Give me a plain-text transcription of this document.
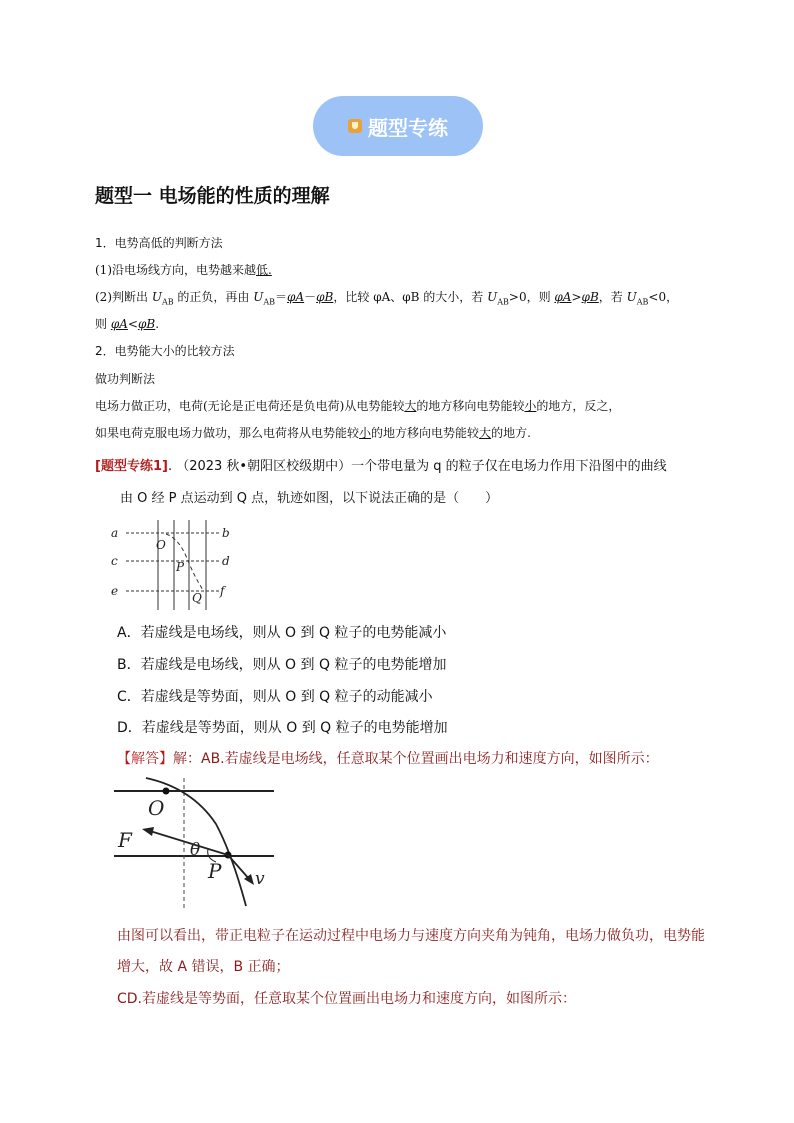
题型专练
题型一 电场能的性质的理解
1．电势高低的判断方法
(1)沿电场线方向，电势越来越低.
(2)判断出 $U_{AB}$ 的正负，再由 $U_{AB}=\varphi A-\varphi B$，比较 φA、φB 的大小，若 $U_{AB}>0$，则 φA>φB，若 $U_{AB}<0$，
则 φA<φB.
2．电势能大小的比较方法
做功判断法
电场力做正功，电荷(无论是正电荷还是负电荷)从电势能较大的地方移向电势能较小的地方，反之，
如果电荷克服电场力做功，那么电荷将从电势能较小的地方移向电势能较大的地方.
[题型专练1]. （2023 秋•朝阳区校级期中）一个带电量为 q 的粒子仅在电场力作用下沿图中的曲线
由 O 经 P 点运动到 Q 点，轨迹如图，以下说法正确的是（　　）
a	b
c	d
e	f
O
P
Q
A．若虚线是电场线，则从 O 到 Q 粒子的电势能减小
B．若虚线是电场线，则从 O 到 Q 粒子的电势能增加
C．若虚线是等势面，则从 O 到 Q 粒子的动能减小
D．若虚线是等势面，则从 O 到 Q 粒子的电势能增加
【解答】解：AB.若虚线是电场线，任意取某个位置画出电场力和速度方向，如图所示：
O
F	θ
P v
由图可以看出，带正电粒子在运动过程中电场力与速度方向夹角为钝角，电场力做负功，电势能
增大，故 A 错误，B 正确；
CD.若虚线是等势面，任意取某个位置画出电场力和速度方向，如图所示：
